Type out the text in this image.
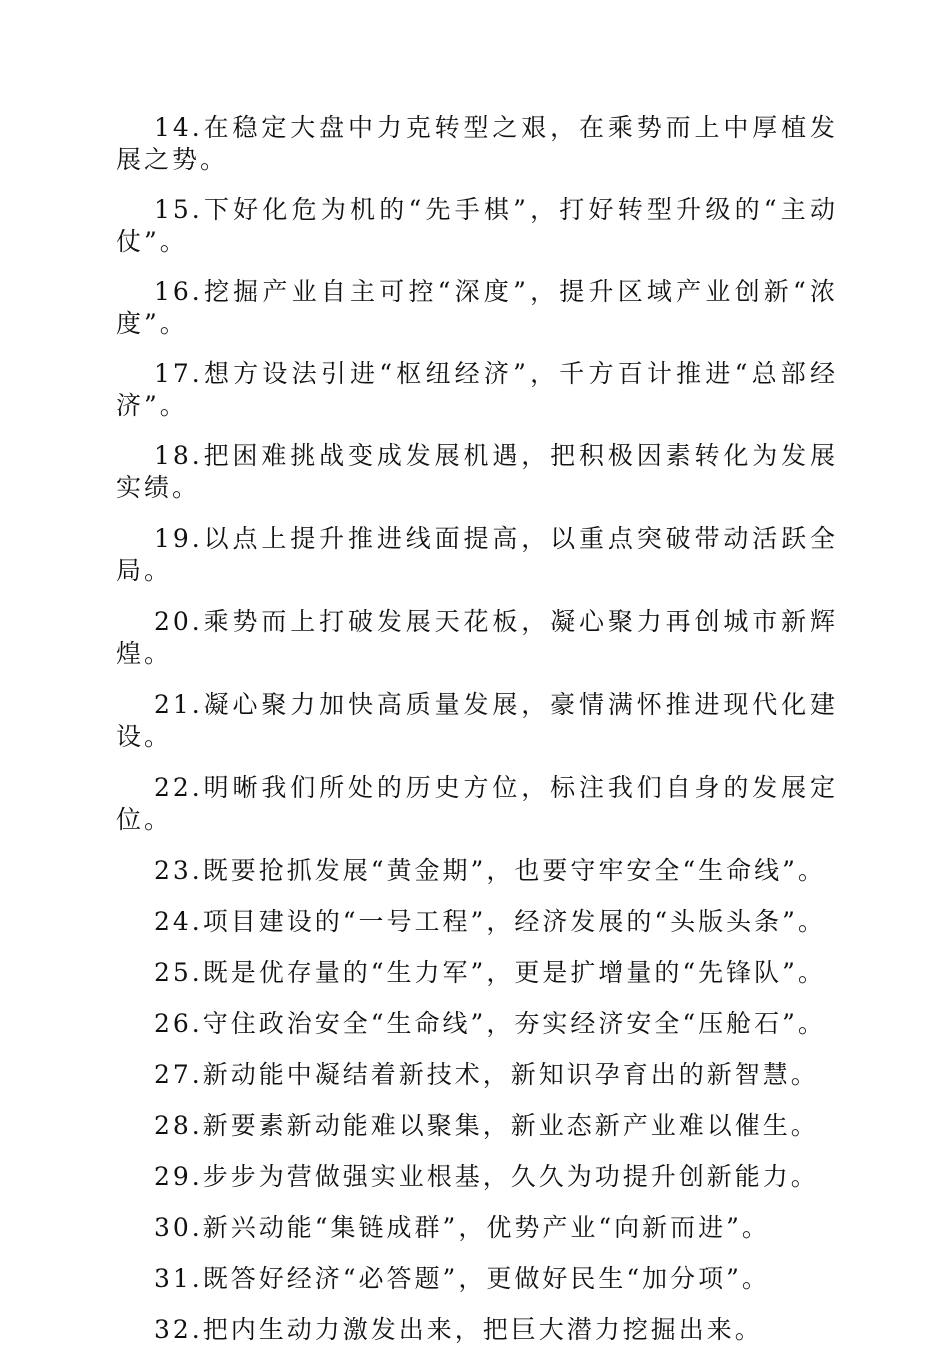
14.在稳定大盘中力克转型之艰，在乘势而上中厚植发展之势。

15.下好化危为机的“先手棋”，打好转型升级的“主动仗”。

16.挖掘产业自主可控“深度”，提升区域产业创新“浓度”。

17.想方设法引进“枢纽经济”，千方百计推进“总部经济”。

18.把困难挑战变成发展机遇，把积极因素转化为发展实绩。

19.以点上提升推进线面提高，以重点突破带动活跃全局。

20.乘势而上打破发展天花板，凝心聚力再创城市新辉煌。

21.凝心聚力加快高质量发展，豪情满怀推进现代化建设。

22.明晰我们所处的历史方位，标注我们自身的发展定位。

23.既要抢抓发展“黄金期”，也要守牢安全“生命线”。

24.项目建设的“一号工程”，经济发展的“头版头条”。

25.既是优存量的“生力军”，更是扩增量的“先锋队”。

26.守住政治安全“生命线”，夯实经济安全“压舱石”。

27.新动能中凝结着新技术，新知识孕育出的新智慧。

28.新要素新动能难以聚集，新业态新产业难以催生。

29.步步为营做强实业根基，久久为功提升创新能力。

30.新兴动能“集链成群”，优势产业“向新而进”。

31.既答好经济“必答题”，更做好民生“加分项”。

32.把内生动力激发出来，把巨大潜力挖掘出来。
